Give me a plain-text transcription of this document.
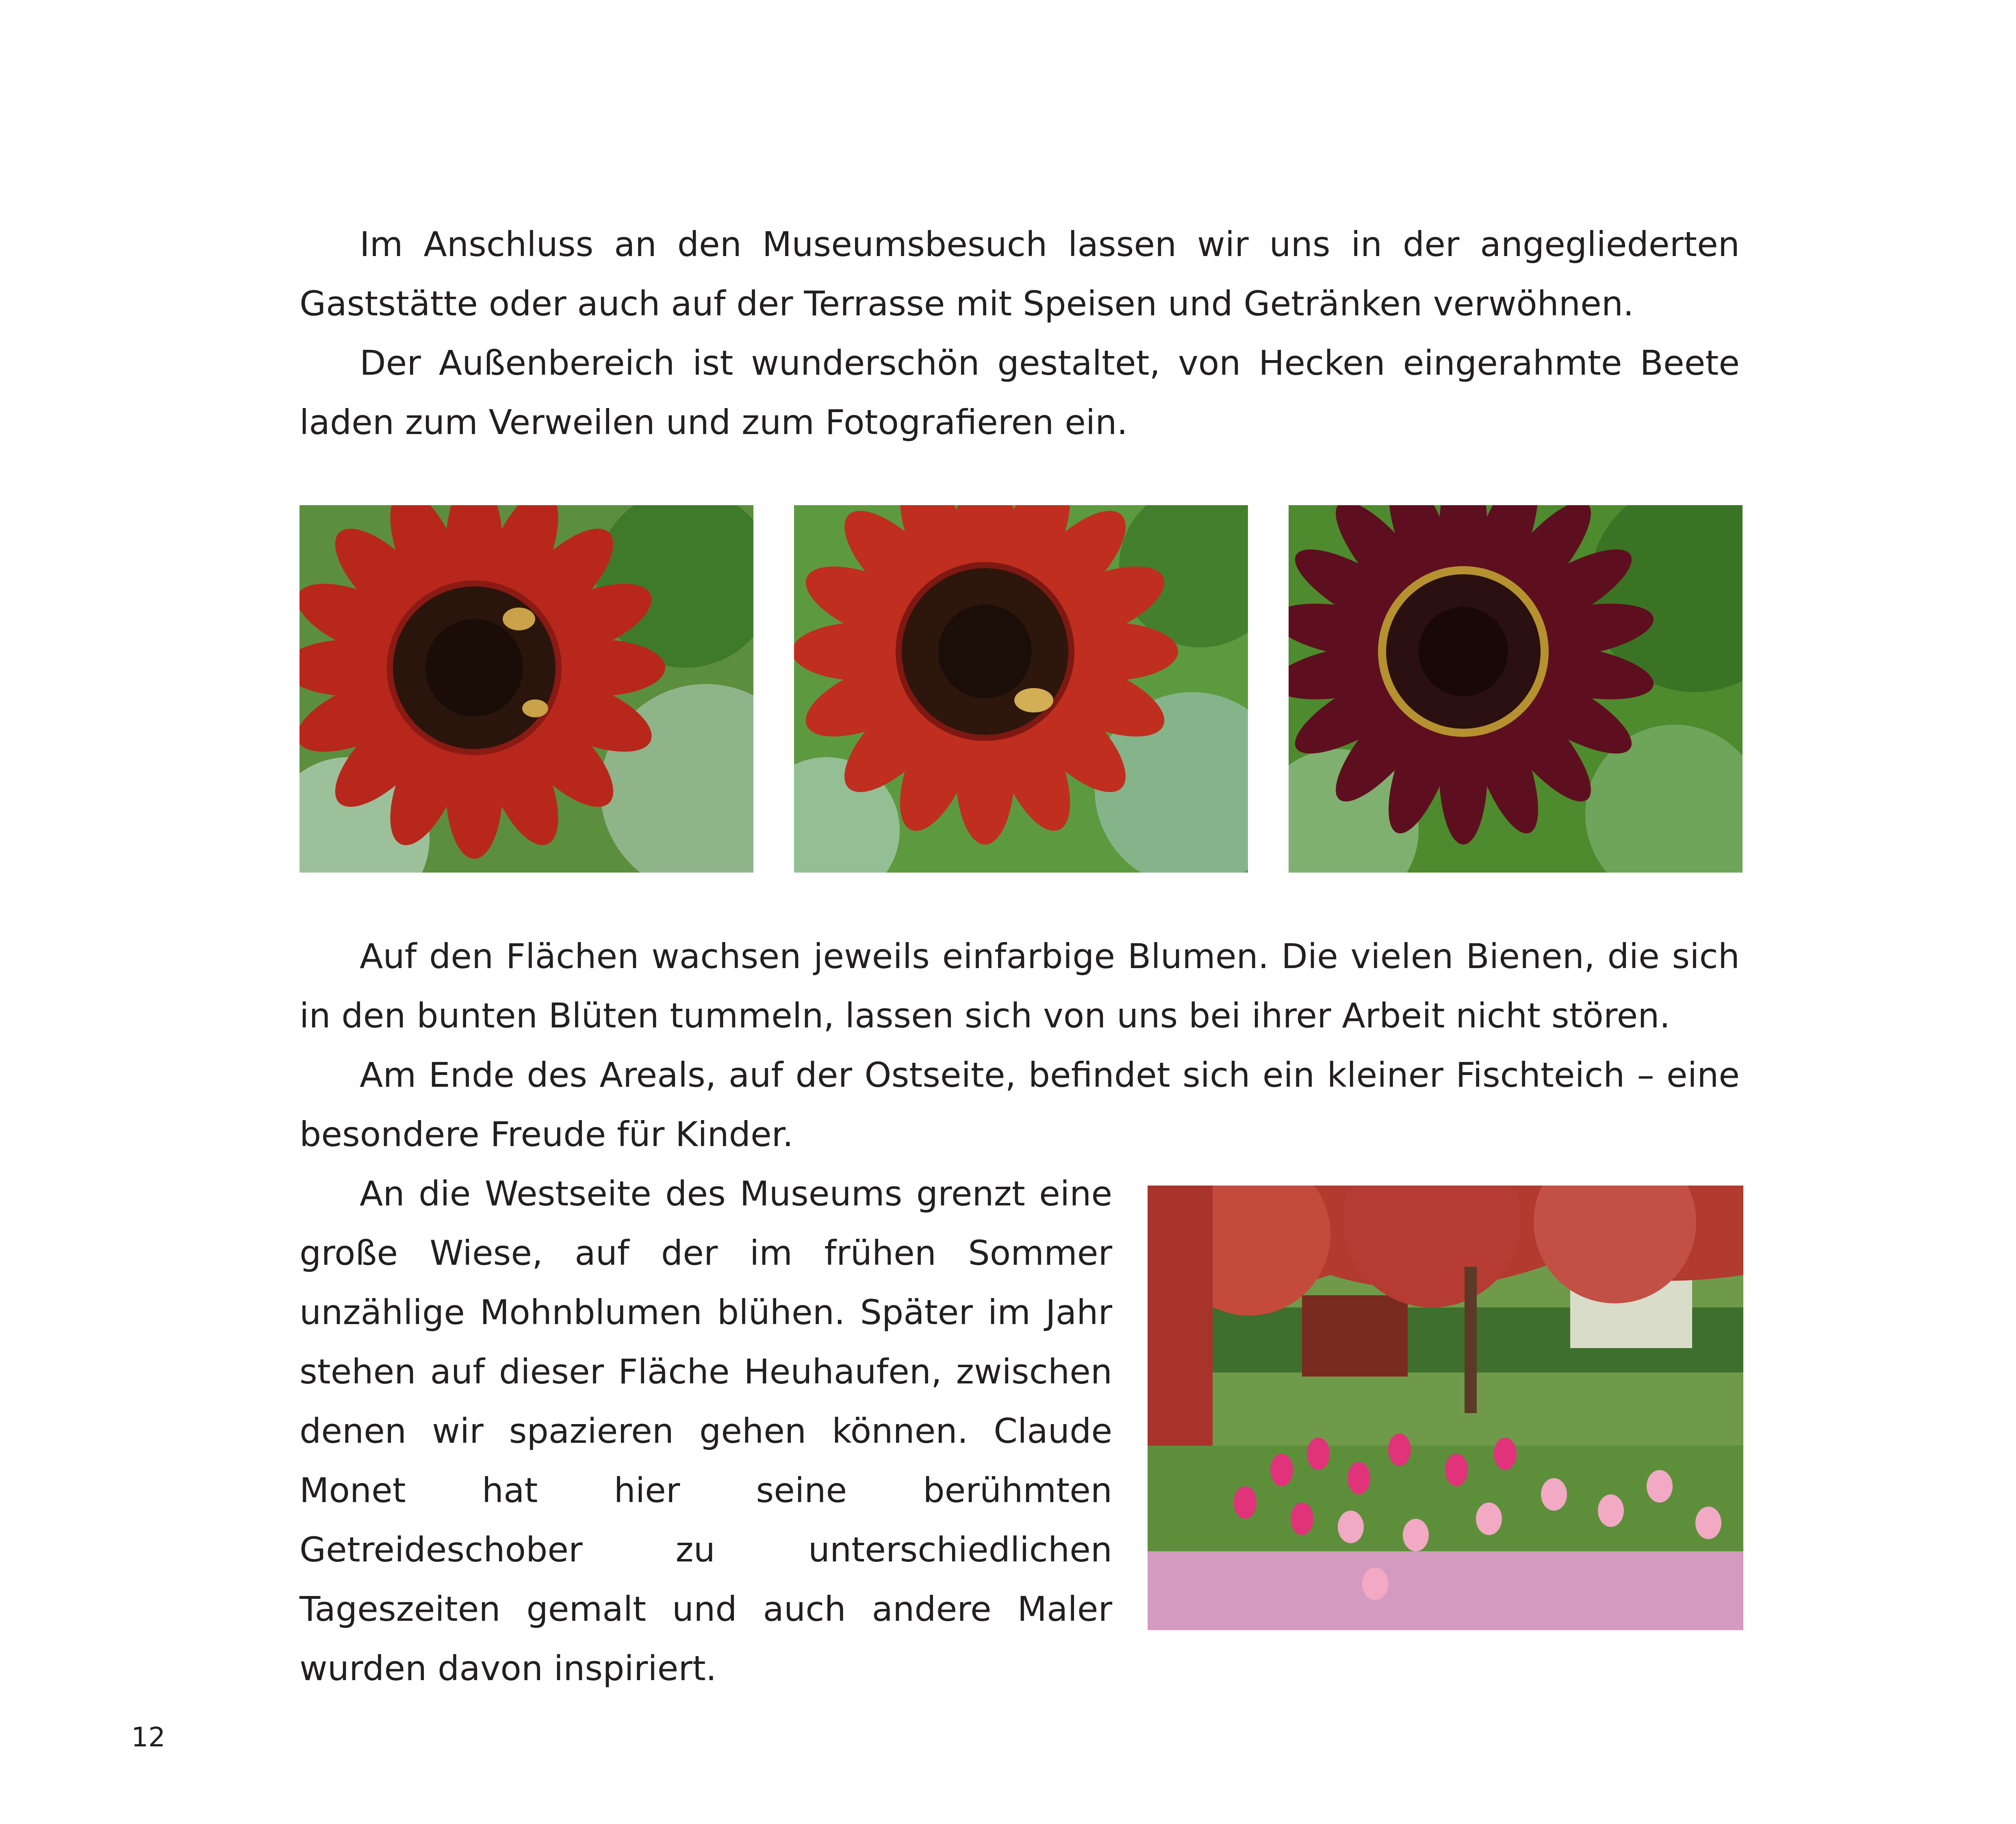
Im Anschluss an den Museumsbesuch lassen wir uns in der angegliederten Gaststätte oder auch auf der Terrasse mit Speisen und Getränken verwöhnen.

Der Außenbereich ist wunderschön gestaltet, von Hecken eingerahmte Beete laden zum Verweilen und zum Fotografieren ein.

Auf den Flächen wachsen jeweils einfarbige Blumen. Die vielen Bienen, die sich in den bunten Blüten tummeln, lassen sich von uns bei ihrer Arbeit nicht stören.

Am Ende des Areals, auf der Ostseite, befindet sich ein kleiner Fischteich – eine besondere Freude für Kinder.

An die Westseite des Museums grenzt eine große Wiese, auf der im frühen Sommer unzählige Mohnblumen blühen. Später im Jahr stehen auf dieser Fläche Heuhaufen, zwischen denen wir spazieren gehen können. Claude Monet hat hier seine berühmten Getreideschober zu unterschiedlichen Tageszeiten gemalt und auch andere Maler wurden davon inspiriert.

12
